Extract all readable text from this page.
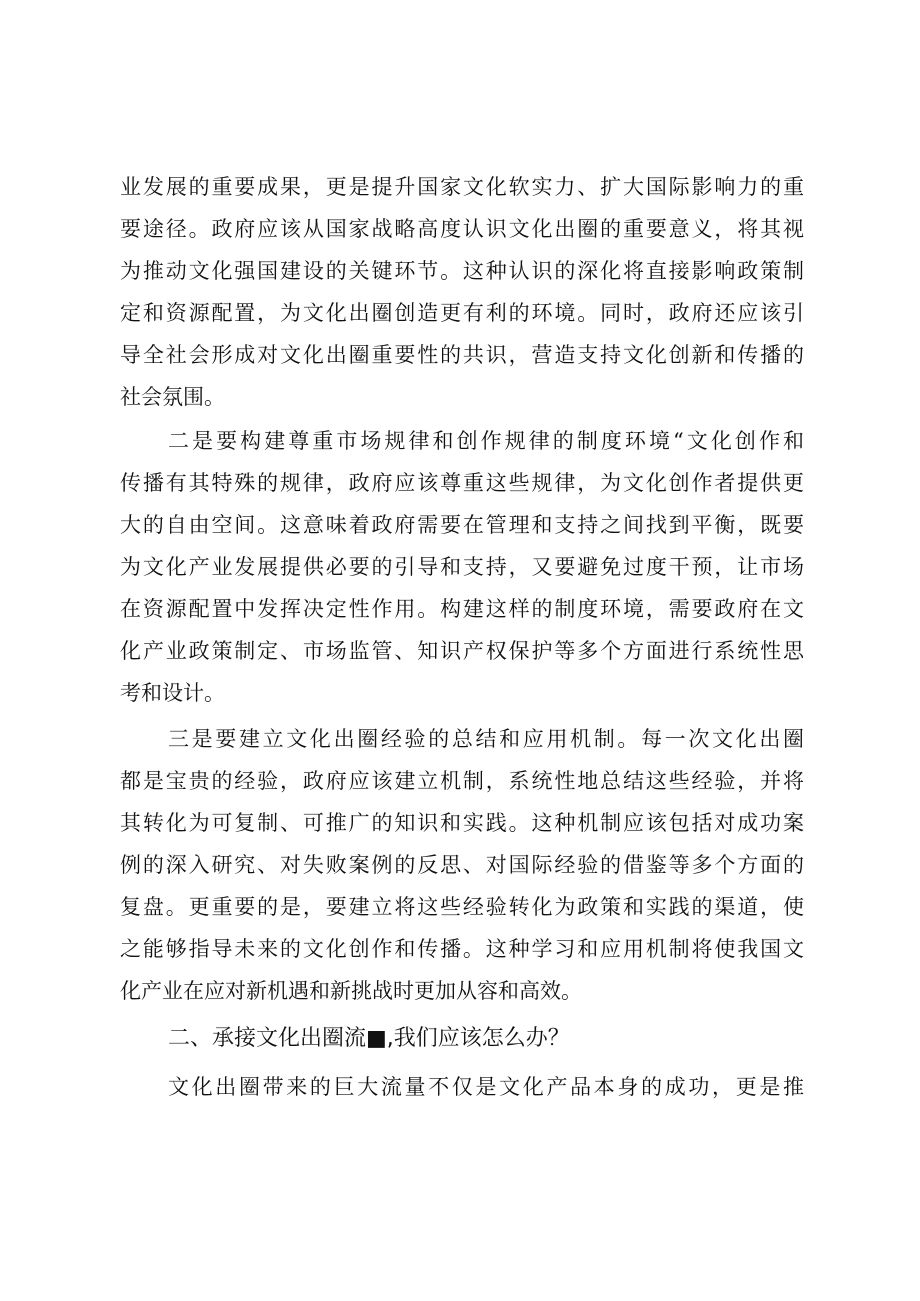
业发展的重要成果，更是提升国家文化软实力、扩大国际影响力的重
要途径。政府应该从国家战略高度认识文化出圈的重要意义，将其视
为推动文化强国建设的关键环节。这种认识的深化将直接影响政策制
定和资源配置，为文化出圈创造更有利的环境。同时，政府还应该引
导全社会形成对文化出圈重要性的共识，营造支持文化创新和传播的
社会氛围。
二是要构建尊重市场规律和创作规律的制度环境“文化创作和
传播有其特殊的规律，政府应该尊重这些规律，为文化创作者提供更
大的自由空间。这意味着政府需要在管理和支持之间找到平衡，既要
为文化产业发展提供必要的引导和支持，又要避免过度干预，让市场
在资源配置中发挥决定性作用。构建这样的制度环境，需要政府在文
化产业政策制定、市场监管、知识产权保护等多个方面进行系统性思
考和设计。
三是要建立文化出圈经验的总结和应用机制。每一次文化出圈
都是宝贵的经验，政府应该建立机制，系统性地总结这些经验，并将
其转化为可复制、可推广的知识和实践。这种机制应该包括对成功案
例的深入研究、对失败案例的反思、对国际经验的借鉴等多个方面的
复盘。更重要的是，要建立将这些经验转化为政策和实践的渠道，使
之能够指导未来的文化创作和传播。这种学习和应用机制将使我国文
化产业在应对新机遇和新挑战时更加从容和高效。
二、承接文化出圈流■,我们应该怎么办？
文化出圈带来的巨大流量不仅是文化产品本身的成功，更是推
